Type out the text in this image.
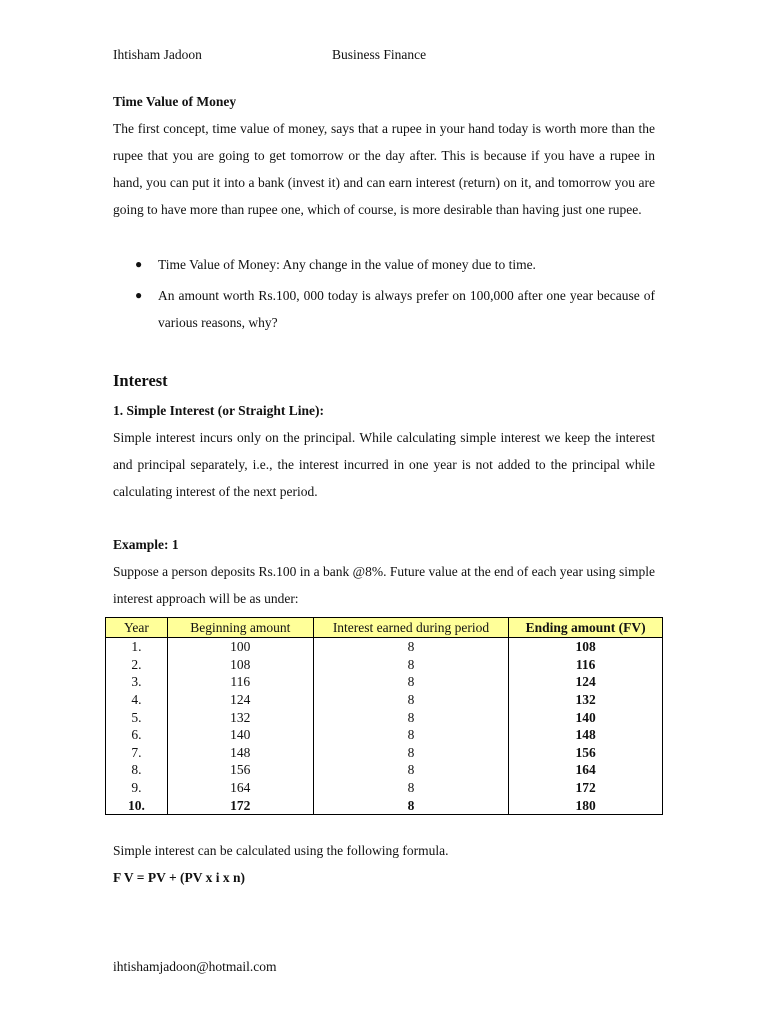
Ihtisham Jadoon	Business Finance
Time Value of Money
The first concept, time value of money, says that a rupee in your hand today is worth more than the rupee that you are going to get tomorrow or the day after. This is because if you have a rupee in hand, you can put it into a bank (invest it) and can earn interest (return) on it, and tomorrow you are going to have more than rupee one, which of course, is more desirable than having just one rupee.
● Time Value of Money: Any change in the value of money due to time.
● An amount worth Rs.100, 000 today is always prefer on 100,000 after one year because of various reasons, why?
Interest
1. Simple Interest (or Straight Line):
Simple interest incurs only on the principal. While calculating simple interest we keep the interest and principal separately, i.e., the interest incurred in one year is not added to the principal while calculating interest of the next period.
Example: 1
Suppose a person deposits Rs.100 in a bank @8%. Future value at the end of each year using simple interest approach will be as under:
Year	Beginning amount	Interest earned during period	Ending amount (FV)
1.	100	8	108
2.	108	8	116
3.	116	8	124
4.	124	8	132
5.	132	8	140
6.	140	8	148
7.	148	8	156
8.	156	8	164
9.	164	8	172
10.	172	8	180
Simple interest can be calculated using the following formula.
F V = PV + (PV x i x n)
ihtishamjadoon@hotmail.com
